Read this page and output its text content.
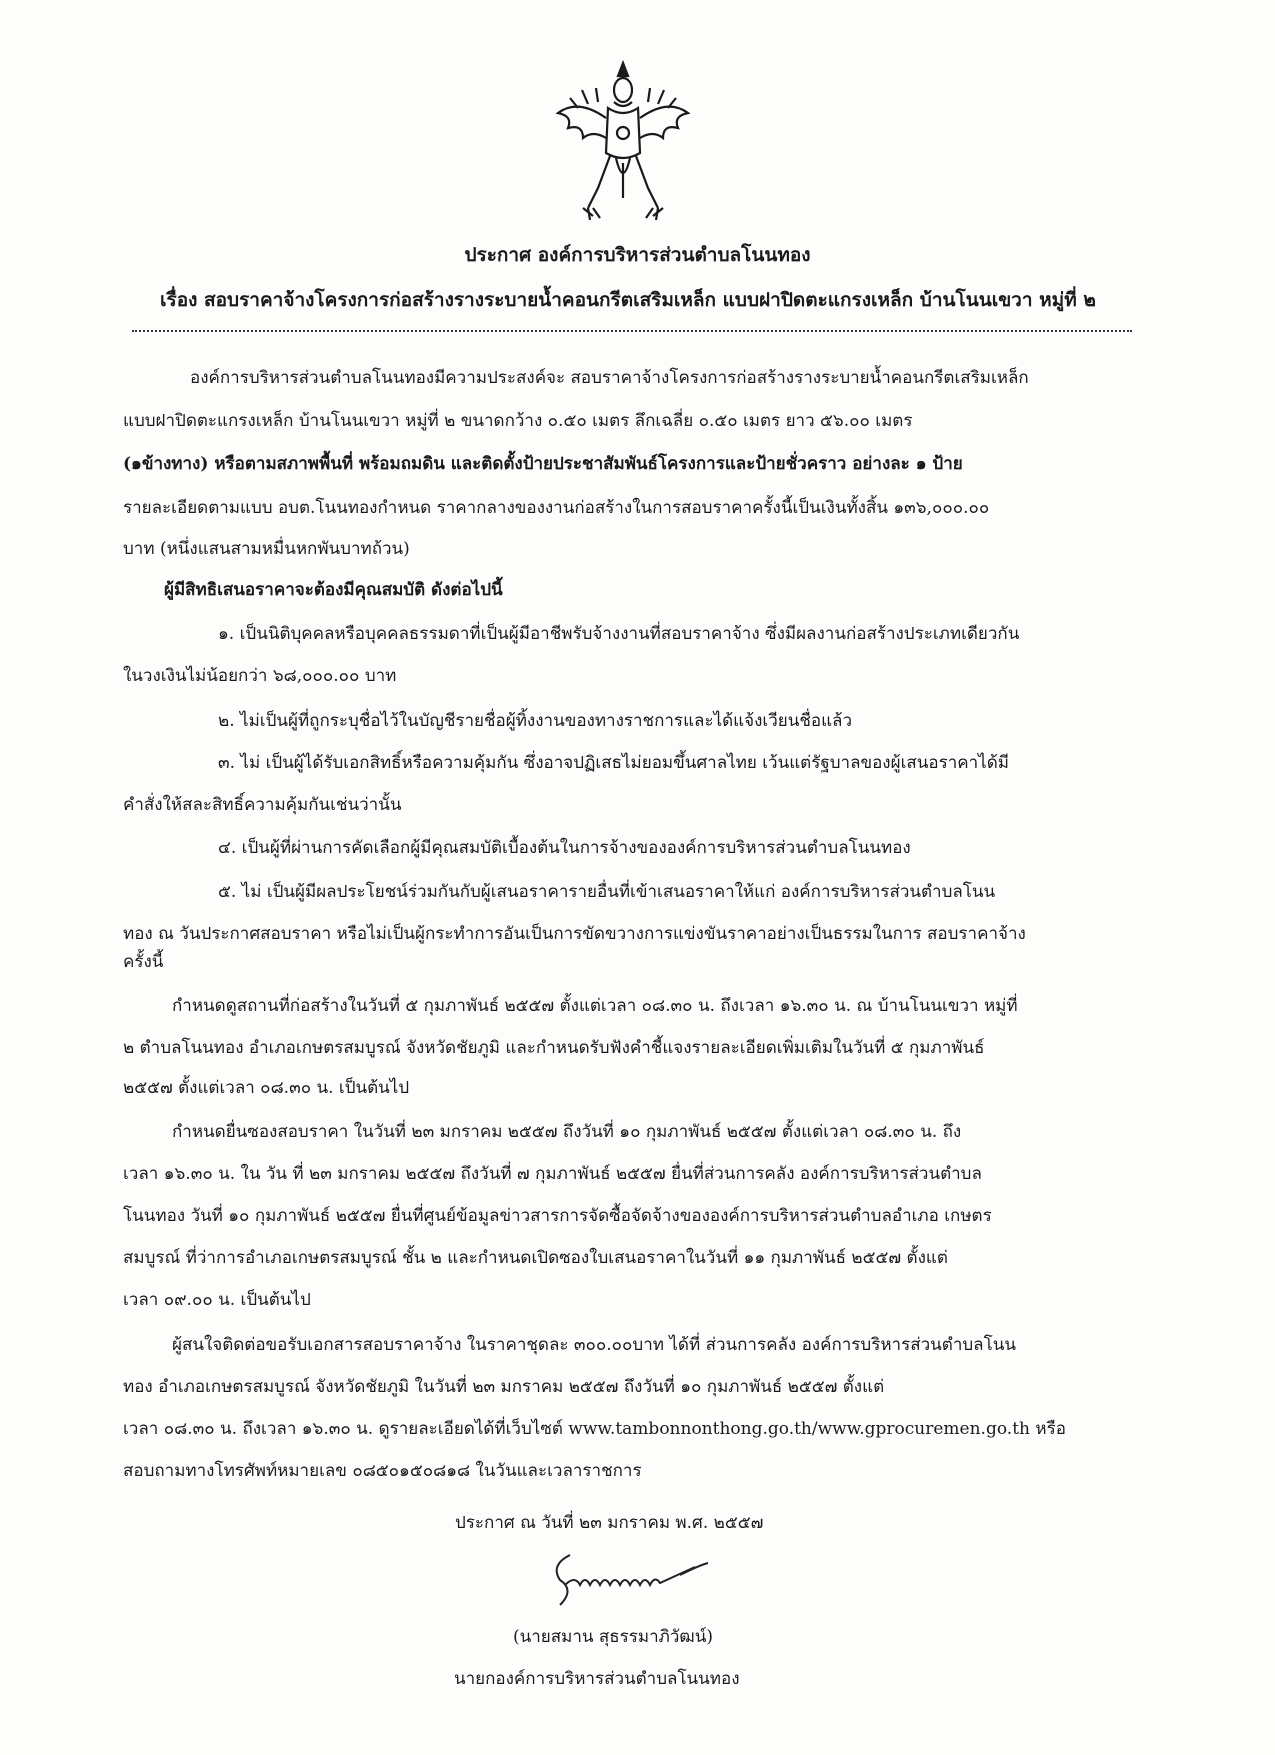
ประกาศ องค์การบริหารส่วนตำบลโนนทอง
เรื่อง สอบราคาจ้างโครงการก่อสร้างรางระบายน้ำคอนกรีตเสริมเหล็ก แบบฝาปิดตะแกรงเหล็ก บ้านโนนเขวา หมู่ที่ ๒
องค์การบริหารส่วนตำบลโนนทองมีความประสงค์จะ สอบราคาจ้างโครงการก่อสร้างรางระบายน้ำคอนกรีตเสริมเหล็ก
แบบฝาปิดตะแกรงเหล็ก บ้านโนนเขวา หมู่ที่ ๒ ขนาดกว้าง ๐.๕๐ เมตร ลึกเฉลี่ย ๐.๕๐ เมตร ยาว ๕๖.๐๐ เมตร
(๑ข้างทาง) หรือตามสภาพพื้นที่ พร้อมถมดิน และติดตั้งป้ายประชาสัมพันธ์โครงการและป้ายชั่วคราว อย่างละ ๑ ป้าย
รายละเอียดตามแบบ อบต.โนนทองกำหนด ราคากลางของงานก่อสร้างในการสอบราคาครั้งนี้เป็นเงินทั้งสิ้น ๑๓๖,๐๐๐.๐๐
บาท (หนึ่งแสนสามหมื่นหกพันบาทถ้วน)
ผู้มีสิทธิเสนอราคาจะต้องมีคุณสมบัติ ดังต่อไปนี้
๑. เป็นนิติบุคคลหรือบุคคลธรรมดาที่เป็นผู้มีอาชีพรับจ้างงานที่สอบราคาจ้าง ซึ่งมีผลงานก่อสร้างประเภทเดียวกัน
ในวงเงินไม่น้อยกว่า ๖๘,๐๐๐.๐๐ บาท
๒. ไม่เป็นผู้ที่ถูกระบุชื่อไว้ในบัญชีรายชื่อผู้ทิ้งงานของทางราชการและได้แจ้งเวียนชื่อแล้ว
๓. ไม่ เป็นผู้ได้รับเอกสิทธิ์หรือความคุ้มกัน ซึ่งอาจปฏิเสธไม่ยอมขึ้นศาลไทย เว้นแต่รัฐบาลของผู้เสนอราคาได้มี
คำสั่งให้สละสิทธิ์ความคุ้มกันเช่นว่านั้น
๔. เป็นผู้ที่ผ่านการคัดเลือกผู้มีคุณสมบัติเบื้องต้นในการจ้างขององค์การบริหารส่วนตำบลโนนทอง
๕. ไม่ เป็นผู้มีผลประโยชน์ร่วมกันกับผู้เสนอราคารายอื่นที่เข้าเสนอราคาให้แก่ องค์การบริหารส่วนตำบลโนน
ทอง ณ วันประกาศสอบราคา หรือไม่เป็นผู้กระทำการอันเป็นการขัดขวางการแข่งขันราคาอย่างเป็นธรรมในการ สอบราคาจ้าง
ครั้งนี้
กำหนดดูสถานที่ก่อสร้างในวันที่ ๕ กุมภาพันธ์ ๒๕๕๗ ตั้งแต่เวลา ๐๘.๓๐ น. ถึงเวลา ๑๖.๓๐ น. ณ บ้านโนนเขวา หมู่ที่
๒ ตำบลโนนทอง อำเภอเกษตรสมบูรณ์ จังหวัดชัยภูมิ และกำหนดรับฟังคำชี้แจงรายละเอียดเพิ่มเติมในวันที่ ๕ กุมภาพันธ์
๒๕๕๗ ตั้งแต่เวลา ๐๘.๓๐ น. เป็นต้นไป
กำหนดยื่นซองสอบราคา ในวันที่ ๒๓ มกราคม ๒๕๕๗ ถึงวันที่ ๑๐ กุมภาพันธ์ ๒๕๕๗ ตั้งแต่เวลา ๐๘.๓๐ น. ถึง
เวลา ๑๖.๓๐ น. ใน วัน ที่ ๒๓ มกราคม ๒๕๕๗ ถึงวันที่ ๗ กุมภาพันธ์ ๒๕๕๗ ยื่นที่ส่วนการคลัง องค์การบริหารส่วนตำบล
โนนทอง วันที่ ๑๐ กุมภาพันธ์ ๒๕๕๗ ยื่นที่ศูนย์ข้อมูลข่าวสารการจัดซื้อจัดจ้างขององค์การบริหารส่วนตำบลอำเภอ เกษตร
สมบูรณ์ ที่ว่าการอำเภอเกษตรสมบูรณ์ ชั้น ๒ และกำหนดเปิดซองใบเสนอราคาในวันที่ ๑๑ กุมภาพันธ์ ๒๕๕๗ ตั้งแต่
เวลา ๐๙.๐๐ น. เป็นต้นไป
ผู้สนใจติดต่อขอรับเอกสารสอบราคาจ้าง ในราคาชุดละ ๓๐๐.๐๐บาท ได้ที่ ส่วนการคลัง องค์การบริหารส่วนตำบลโนน
ทอง อำเภอเกษตรสมบูรณ์ จังหวัดชัยภูมิ ในวันที่ ๒๓ มกราคม ๒๕๕๗ ถึงวันที่ ๑๐ กุมภาพันธ์ ๒๕๕๗ ตั้งแต่
เวลา ๐๘.๓๐ น. ถึงเวลา ๑๖.๓๐ น. ดูรายละเอียดได้ที่เว็บไซต์ www.tambonnonthong.go.th/www.gprocuremen.go.th หรือ
สอบถามทางโทรศัพท์หมายเลข ๐๘๕๐๑๕๐๘๑๘ ในวันและเวลาราชการ
ประกาศ ณ วันที่ ๒๓ มกราคม พ.ศ. ๒๕๕๗
(นายสมาน สุธรรมาภิวัฒน์)
นายกองค์การบริหารส่วนตำบลโนนทอง
